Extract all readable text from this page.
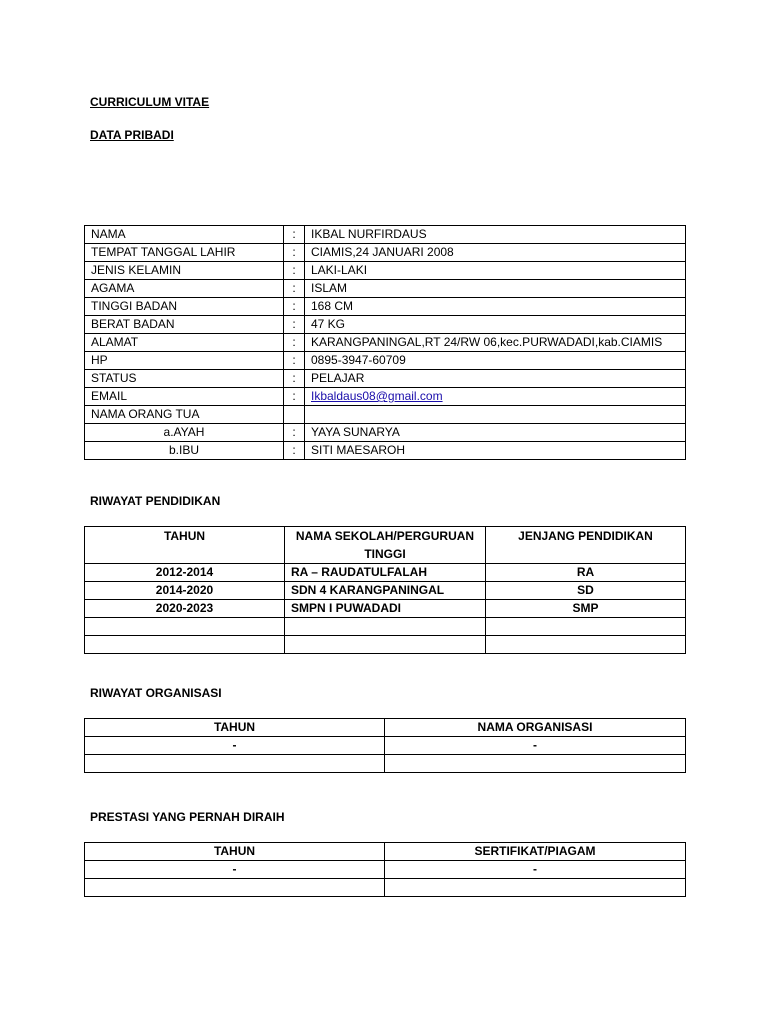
CURRICULUM VITAE
DATA PRIBADI
NAMA	:	IKBAL NURFIRDAUS
TEMPAT TANGGAL LAHIR	:	CIAMIS,24 JANUARI 2008
JENIS KELAMIN	:	LAKI-LAKI
AGAMA	:	ISLAM
TINGGI BADAN	:	168 CM
BERAT BADAN	:	47 KG
ALAMAT	:	KARANGPANINGAL,RT 24/RW 06,kec.PURWADADI,kab.CIAMIS
HP	:	0895-3947-60709
STATUS	:	PELAJAR
EMAIL	:	Ikbaldaus08@gmail.com
NAMA ORANG TUA		
a.AYAH	:	YAYA SUNARYA
b.IBU	:	SITI MAESAROH
RIWAYAT PENDIDIKAN
TAHUN	NAMA SEKOLAH/PERGURUAN TINGGI	JENJANG PENDIDIKAN
2012-2014	RA – RAUDATULFALAH	RA
2014-2020	SDN 4 KARANGPANINGAL	SD
2020-2023	SMPN I PUWADADI	SMP

RIWAYAT ORGANISASI
TAHUN	NAMA ORGANISASI
-	-

PRESTASI YANG PERNAH DIRAIH
TAHUN	SERTIFIKAT/PIAGAM
-	-
